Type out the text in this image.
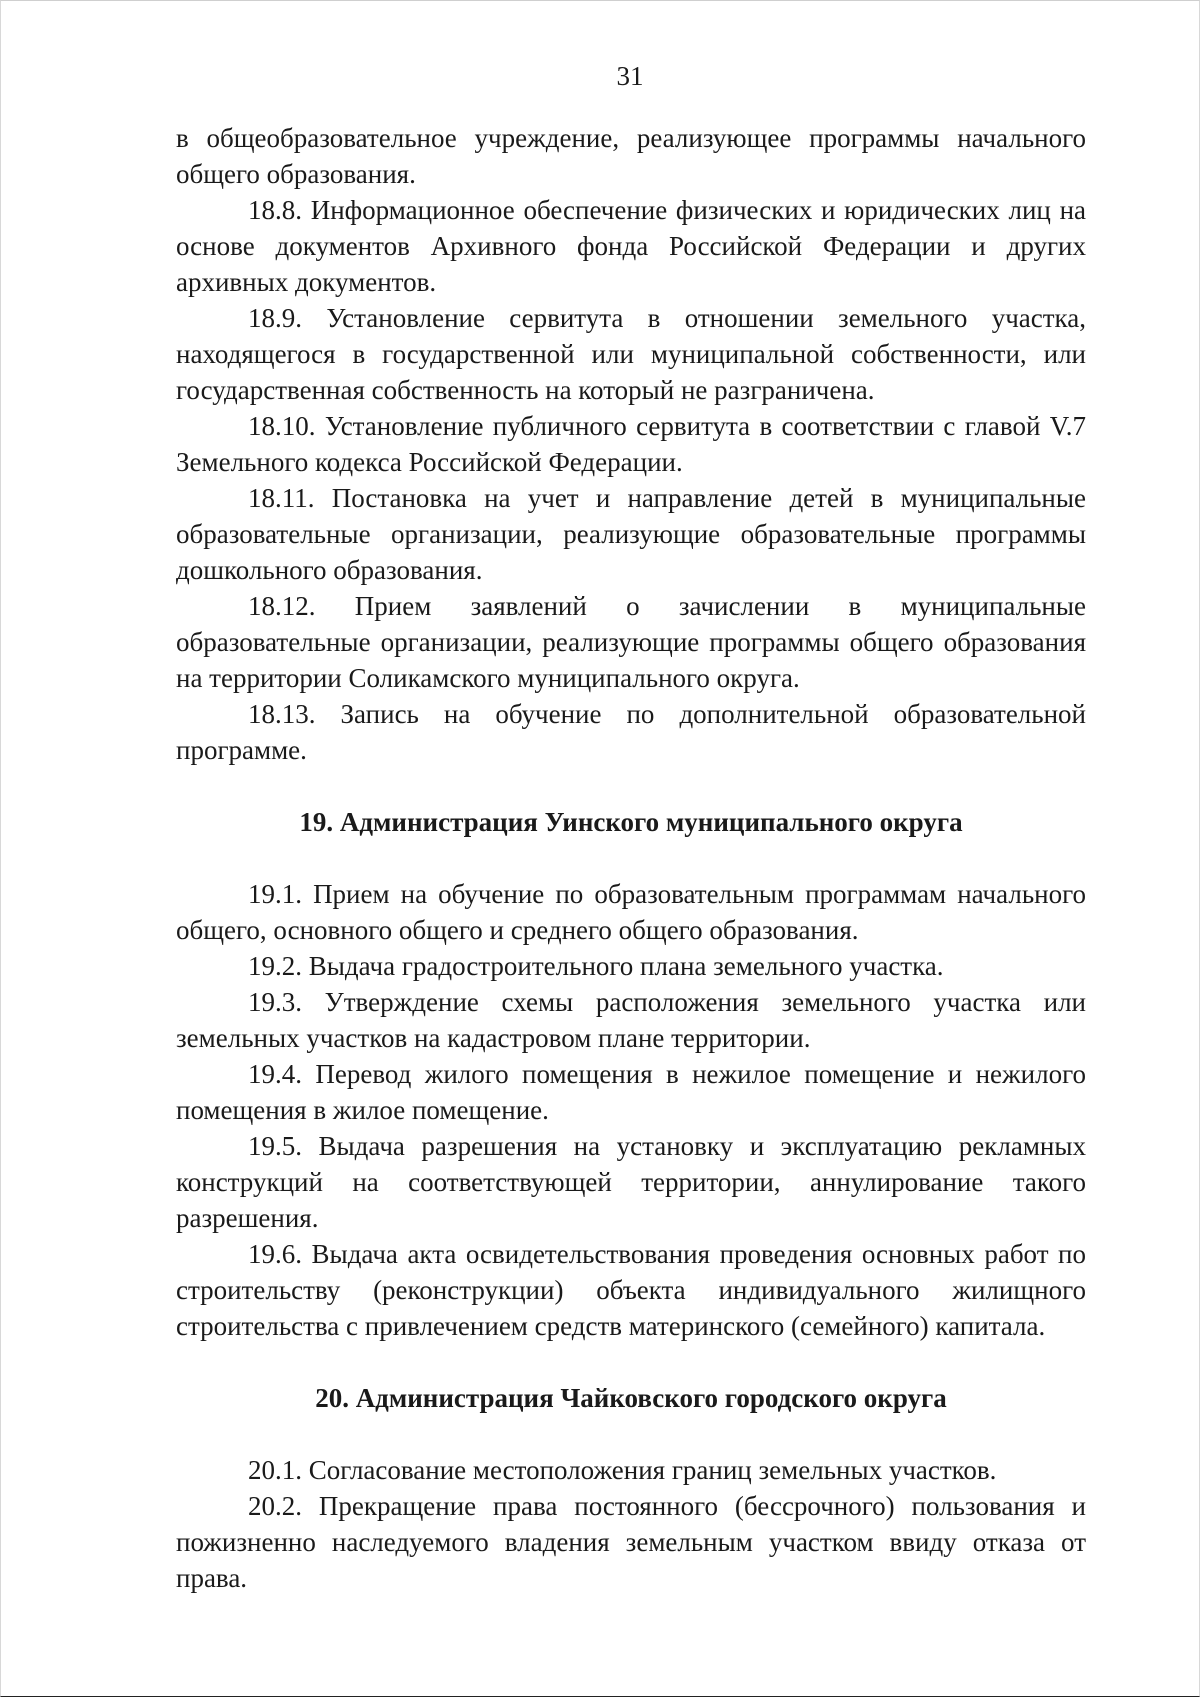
31

в общеобразовательное учреждение, реализующее программы начального общего образования.

18.8. Информационное обеспечение физических и юридических лиц на основе документов Архивного фонда Российской Федерации и других архивных документов.

18.9. Установление сервитута в отношении земельного участка, находящегося в государственной или муниципальной собственности, или государственная собственность на который не разграничена.

18.10. Установление публичного сервитута в соответствии с главой V.7 Земельного кодекса Российской Федерации.

18.11. Постановка на учет и направление детей в муниципальные образовательные организации, реализующие образовательные программы дошкольного образования.

18.12. Прием заявлений о зачислении в муниципальные образовательные организации, реализующие программы общего образования на территории Соликамского муниципального округа.

18.13. Запись на обучение по дополнительной образовательной программе.

19. Администрация Уинского муниципального округа

19.1. Прием на обучение по образовательным программам начального общего, основного общего и среднего общего образования.

19.2. Выдача градостроительного плана земельного участка.

19.3. Утверждение схемы расположения земельного участка или земельных участков на кадастровом плане территории.

19.4. Перевод жилого помещения в нежилое помещение и нежилого помещения в жилое помещение.

19.5. Выдача разрешения на установку и эксплуатацию рекламных конструкций на соответствующей территории, аннулирование такого разрешения.

19.6. Выдача акта освидетельствования проведения основных работ по строительству (реконструкции) объекта индивидуального жилищного строительства с привлечением средств материнского (семейного) капитала.

20. Администрация Чайковского городского округа

20.1. Согласование местоположения границ земельных участков.

20.2. Прекращение права постоянного (бессрочного) пользования и пожизненно наследуемого владения земельным участком ввиду отказа от права.
